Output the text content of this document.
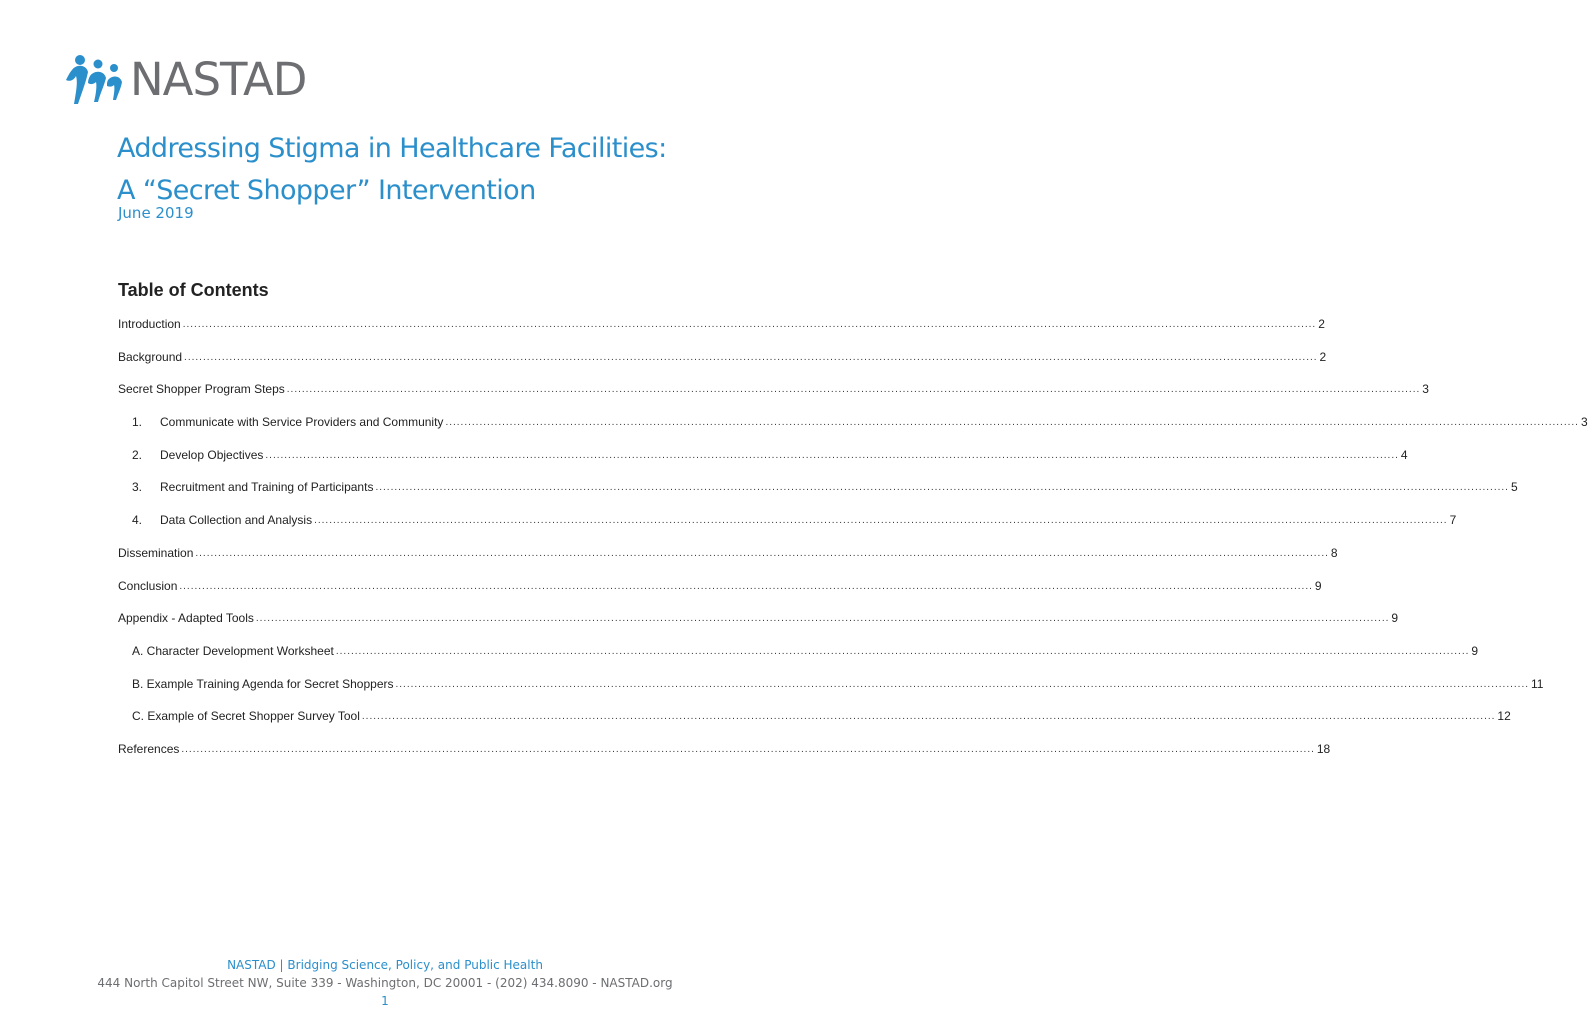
NASTAD
Addressing Stigma in Healthcare Facilities:
A “Secret Shopper” Intervention
June 2019
Table of Contents
Introduction ............................................................................................................................................................................................................................................................................................................ 2
Background ............................................................................................................................................................................................................................................................................................................ 2
Secret Shopper Program Steps ............................................................................................................................................................................................................................................................................................................ 3
1.	Communicate with Service Providers and Community ............................................................................................................................................................................................................................................................................................................ 3
2.	Develop Objectives ............................................................................................................................................................................................................................................................................................................ 4
3.	Recruitment and Training of Participants ............................................................................................................................................................................................................................................................................................................ 5
4.	Data Collection and Analysis ............................................................................................................................................................................................................................................................................................................ 7
Dissemination ............................................................................................................................................................................................................................................................................................................ 8
Conclusion ............................................................................................................................................................................................................................................................................................................ 9
Appendix - Adapted Tools ............................................................................................................................................................................................................................................................................................................ 9
A. Character Development Worksheet ............................................................................................................................................................................................................................................................................................................ 9
B. Example Training Agenda for Secret Shoppers ............................................................................................................................................................................................................................................................................................................ 11
C. Example of Secret Shopper Survey Tool ............................................................................................................................................................................................................................................................................................................ 12
References ............................................................................................................................................................................................................................................................................................................ 18
NASTAD | Bridging Science, Policy, and Public Health
444 North Capitol Street NW, Suite 339 - Washington, DC 20001 - (202) 434.8090 - NASTAD.org
1
